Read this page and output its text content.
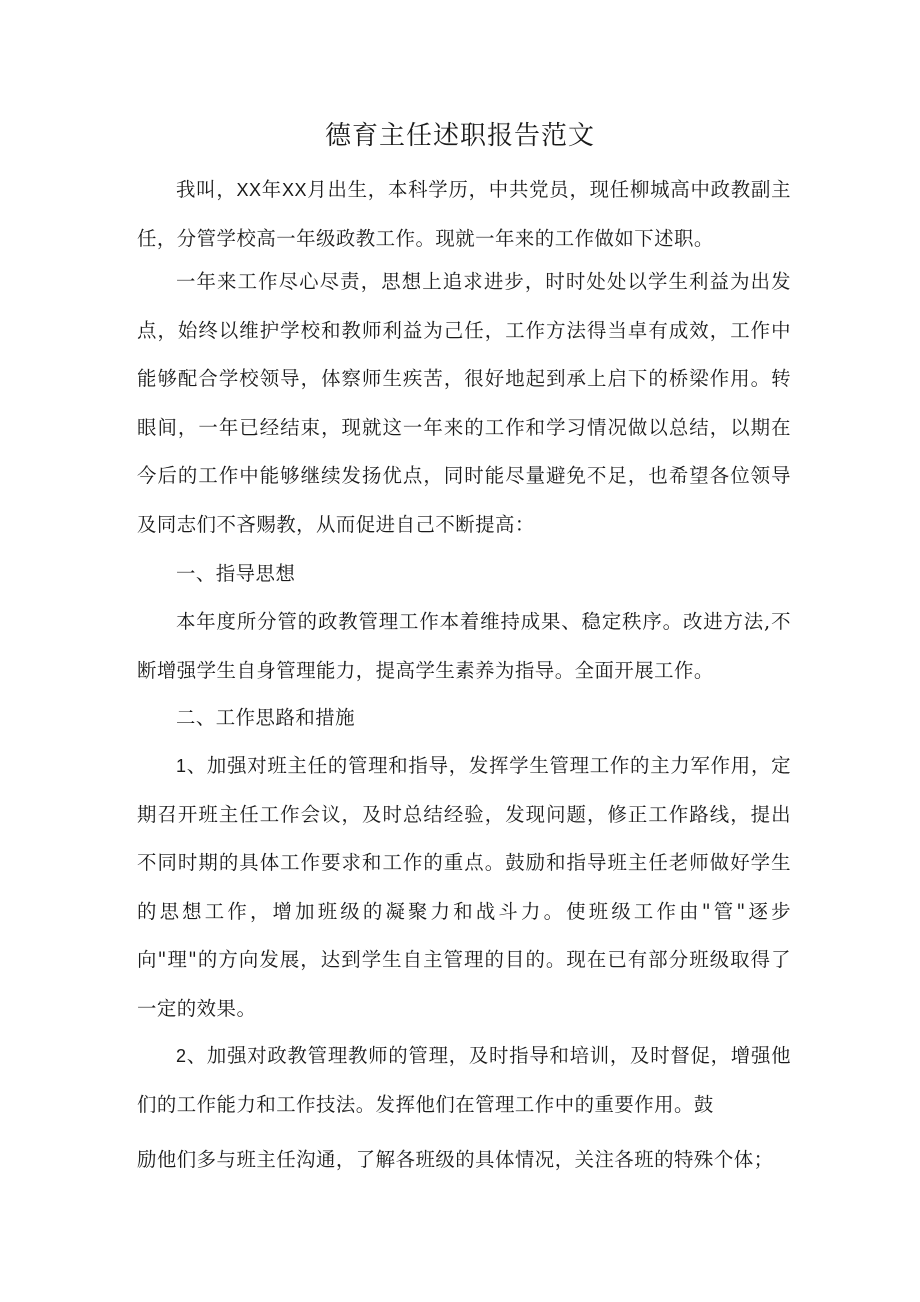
德育主任述职报告范文

我叫，XX年XX月出生，本科学历，中共党员，现任柳城高中政教副主任，分管学校高一年级政教工作。现就一年来的工作做如下述职。

一年来工作尽心尽责，思想上追求进步，时时处处以学生利益为出发点，始终以维护学校和教师利益为己任，工作方法得当卓有成效，工作中能够配合学校领导，体察师生疾苦，很好地起到承上启下的桥梁作用。转眼间，一年已经结束，现就这一年来的工作和学习情况做以总结，以期在今后的工作中能够继续发扬优点，同时能尽量避免不足，也希望各位领导及同志们不吝赐教，从而促进自己不断提高：

一、指导思想

本年度所分管的政教管理工作本着维持成果、稳定秩序。改进方法,不断增强学生自身管理能力，提高学生素养为指导。全面开展工作。

二、工作思路和措施

1、加强对班主任的管理和指导，发挥学生管理工作的主力军作用，定期召开班主任工作会议，及时总结经验，发现问题，修正工作路线，提出不同时期的具体工作要求和工作的重点。鼓励和指导班主任老师做好学生的思想工作，增加班级的凝聚力和战斗力。使班级工作由"管"逐步向"理"的方向发展，达到学生自主管理的目的。现在已有部分班级取得了一定的效果。

2、加强对政教管理教师的管理，及时指导和培训，及时督促，增强他们的工作能力和工作技法。发挥他们在管理工作中的重要作用。鼓

励他们多与班主任沟通，了解各班级的具体情况，关注各班的特殊个体；
